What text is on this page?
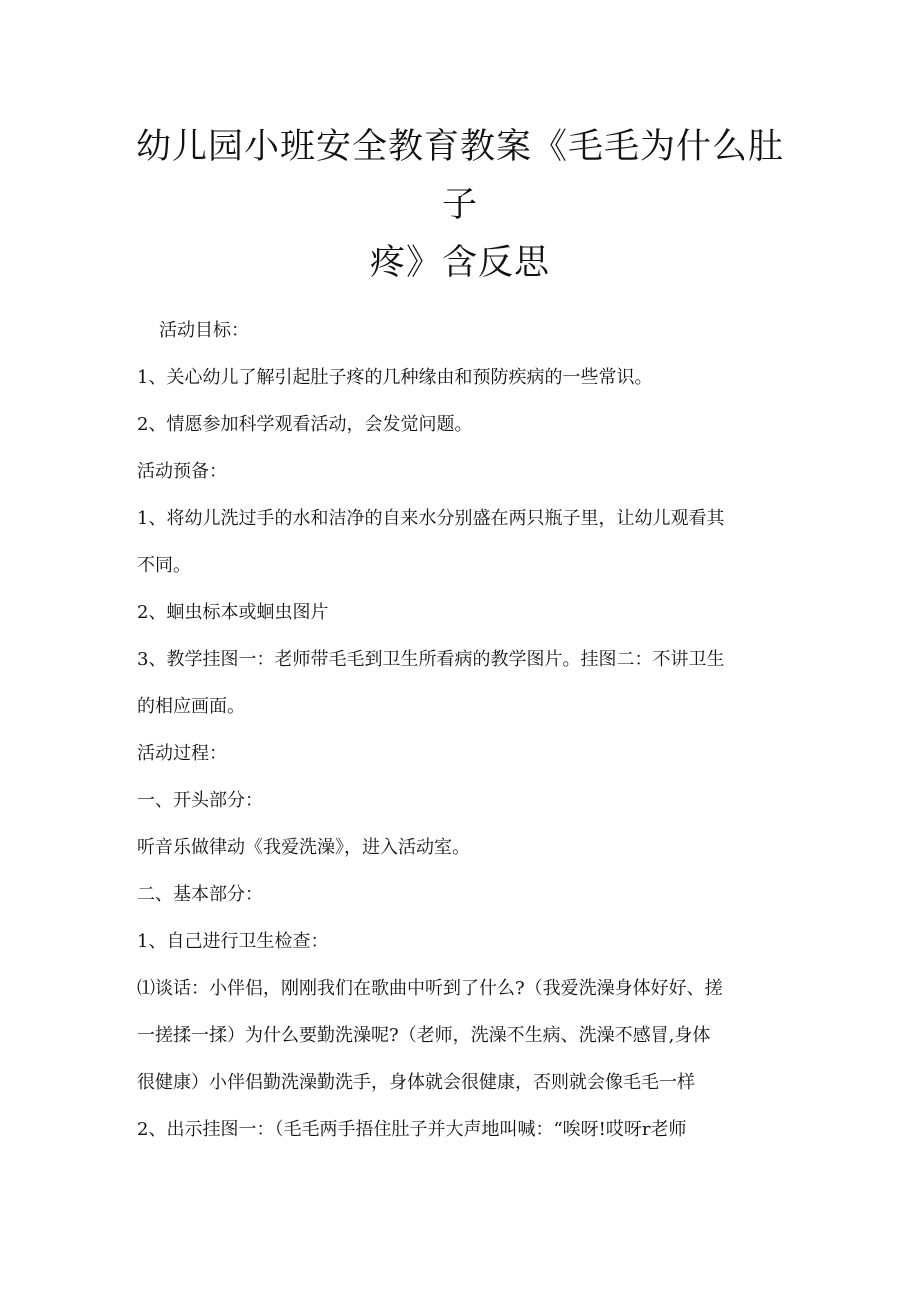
幼儿园小班安全教育教案《毛毛为什么肚子
疼》含反思

活动目标：

1、关心幼儿了解引起肚子疼的几种缘由和预防疾病的一些常识。

2、情愿参加科学观看活动，会发觉问题。

活动预备：

1、将幼儿洗过手的水和洁净的自来水分别盛在两只瓶子里，让幼儿观看其

不同。

2、蛔虫标本或蛔虫图片

3、教学挂图一：老师带毛毛到卫生所看病的教学图片。挂图二：不讲卫生

的相应画面。

活动过程：

一、开头部分：

听音乐做律动《我爱洗澡》，进入活动室。

二、基本部分：

1、自己进行卫生检查：

⑴谈话：小伴侣，刚刚我们在歌曲中听到了什么?（我爱洗澡身体好好、搓

一搓揉一揉）为什么要勤洗澡呢?（老师，洗澡不生病、洗澡不感冒,身体

很健康）小伴侣勤洗澡勤洗手，身体就会很健康，否则就会像毛毛一样

2、出示挂图一：（毛毛两手捂住肚子并大声地叫喊：“唉呀!哎呀r老师
